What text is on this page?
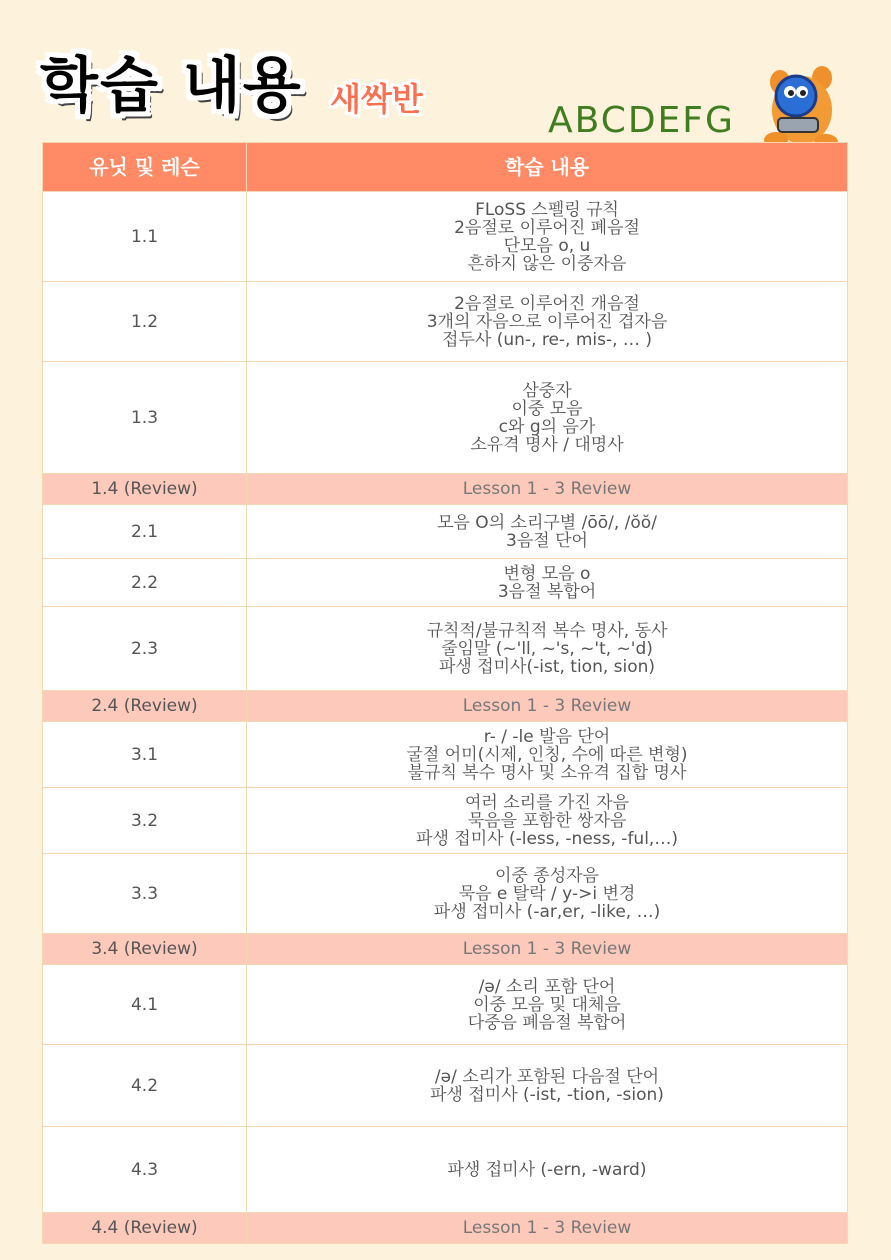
학습 내용 새싹반
ABCDEFG
유닛 및 레슨	학습 내용
1.1	FLoSS 스펠링 규칙
2음절로 이루어진 폐음절
단모음 o, u
흔하지 않은 이중자음

1.2	2음절로 이루어진 개음절
3개의 자음으로 이루어진 겹자음
접두사 (un-, re-, mis-, … )

1.3	삼중자
이중 모음
c와 g의 음가
소유격 명사 / 대명사

1.4 (Review)	Lesson 1 - 3 Review
2.1	모음 O의 소리구별 /ōō/, /ŏŏ/
3음절 단어

2.2	변형 모음 o
3음절 복합어

2.3	규칙적/불규칙적 복수 명사, 동사
줄임말 (~'ll, ~'s, ~'t, ~'d)
파생 접미사(-ist, tion, sion)

2.4 (Review)	Lesson 1 - 3 Review
3.1	r- / -le 발음 단어
굴절 어미(시제, 인칭, 수에 따른 변형)
불규칙 복수 명사 및 소유격 집합 명사

3.2	여러 소리를 가진 자음
묵음을 포함한 쌍자음
파생 접미사 (-less, -ness, -ful,…)

3.3	이중 종성자음
묵음 e 탈락 / y->i 변경
파생 접미사 (-ar,er, -like, …)

3.4 (Review)	Lesson 1 - 3 Review
4.1	/ə/ 소리 포함 단어
이중 모음 및 대체음
다중음 폐음절 복합어

4.2	/ə/ 소리가 포함된 다음절 단어
파생 접미사 (-ist, -tion, -sion)

4.3	파생 접미사 (-ern, -ward)

4.4 (Review)	Lesson 1 - 3 Review
